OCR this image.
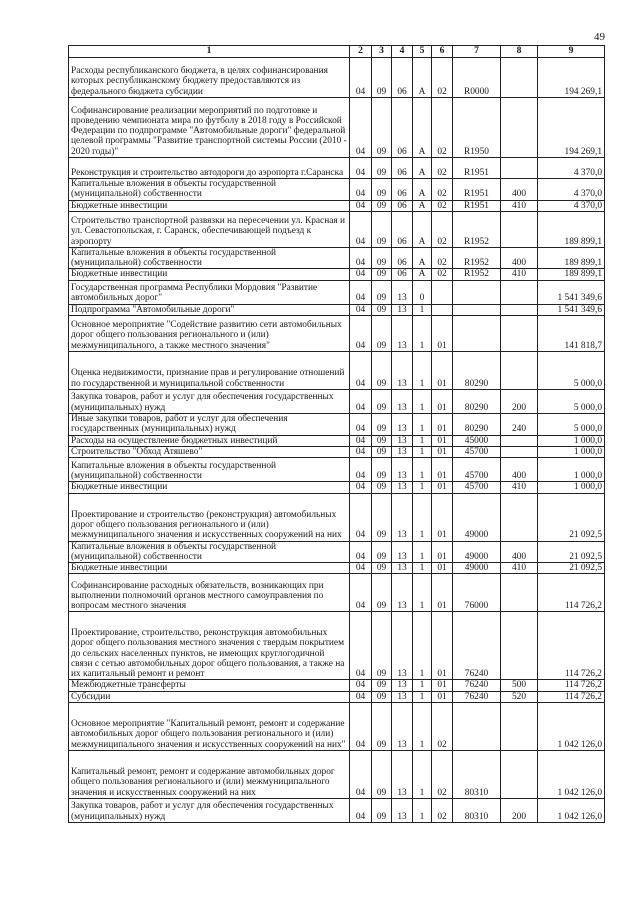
49
1	2	3	4	5	6	7	8	9
Расходы республиканского бюджета, в целях софинансирования которых республиканскому бюджету предоставляются из федерального бюджета субсидии	04	09	06	А	02	R0000		194 269,1
Софинансирование реализации мероприятий по подготовке и проведению чемпионата мира по футболу в 2018 году в Российской Федерации по подпрограмме "Автомобильные дороги" федеральной целевой программы "Развитие транспортной системы России (2010 - 2020 годы)"	04	09	06	А	02	R1950		194 269,1
Реконструкция и строительство автодороги до аэропорта г.Саранска	04	09	06	А	02	R1951		4 370,0
Капитальные вложения в объекты государственной (муниципальной) собственности	04	09	06	А	02	R1951	400	4 370,0
Бюджетные инвестиции	04	09	06	А	02	R1951	410	4 370,0
Строительство транспортной развязки на пересечении ул. Красная и ул. Севастопольская, г. Саранск, обеспечивающей подъезд к аэропорту	04	09	06	А	02	R1952		189 899,1
Капитальные вложения в объекты государственной (муниципальной) собственности	04	09	06	А	02	R1952	400	189 899,1
Бюджетные инвестиции	04	09	06	А	02	R1952	410	189 899,1
Государственная программа Республики Мордовия "Развитие автомобильных дорог"	04	09	13	0				1 541 349,6
Подпрограмма "Автомобильные дороги"	04	09	13	1				1 541 349,6
Основное мероприятие "Содействие развитию сети автомобильных дорог общего пользования регионального и (или) межмуниципального, а также местного значения"	04	09	13	1	01			141 818,7
Оценка недвижимости, признание прав и регулирование отношений по государственной и муниципальной собственности	04	09	13	1	01	80290		5 000,0
Закупка товаров, работ и услуг для обеспечения государственных (муниципальных) нужд	04	09	13	1	01	80290	200	5 000,0
Иные закупки товаров, работ и услуг для обеспечения государственных (муниципальных) нужд	04	09	13	1	01	80290	240	5 000,0
Расходы на осуществление бюджетных инвестиций	04	09	13	1	01	45000		1 000,0
Строительство "Обход Атяшево"	04	09	13	1	01	45700		1 000,0
Капитальные вложения в объекты государственной (муниципальной) собственности	04	09	13	1	01	45700	400	1 000,0
Бюджетные инвестиции	04	09	13	1	01	45700	410	1 000,0
Проектирование и строительство (реконструкция) автомобильных дорог общего пользования регионального и (или) межмуниципального значения и искусственных сооружений на них	04	09	13	1	01	49000		21 092,5
Капитальные вложения в объекты государственной (муниципальной) собственности	04	09	13	1	01	49000	400	21 092,5
Бюджетные инвестиции	04	09	13	1	01	49000	410	21 092,5
Софинансирование расходных обязательств, возникающих при выполнении полномочий органов местного самоуправления по вопросам местного значения	04	09	13	1	01	76000		114 726,2
Проектирование, строительство, реконструкция автомобильных дорог общего пользования местного значения с твердым покрытием до сельских населенных пунктов, не имеющих круглогодичной связи с сетью автомобильных дорог общего пользования, а также на их капитальный ремонт и ремонт	04	09	13	1	01	76240		114 726,2
Межбюджетные трансферты	04	09	13	1	01	76240	500	114 726,2
Субсидии	04	09	13	1	01	76240	520	114 726,2
Основное мероприятие "Капитальный ремонт, ремонт и содержание автомобильных дорог общего пользования регионального и (или) межмуниципального значения и искусственных сооружений на них"	04	09	13	1	02			1 042 126,0
Капитальный ремонт, ремонт и содержание автомобильных дорог общего пользования регионального и (или) межмуниципального значения и искусственных сооружений на них	04	09	13	1	02	80310		1 042 126,0
Закупка товаров, работ и услуг для обеспечения государственных (муниципальных) нужд	04	09	13	1	02	80310	200	1 042 126,0
